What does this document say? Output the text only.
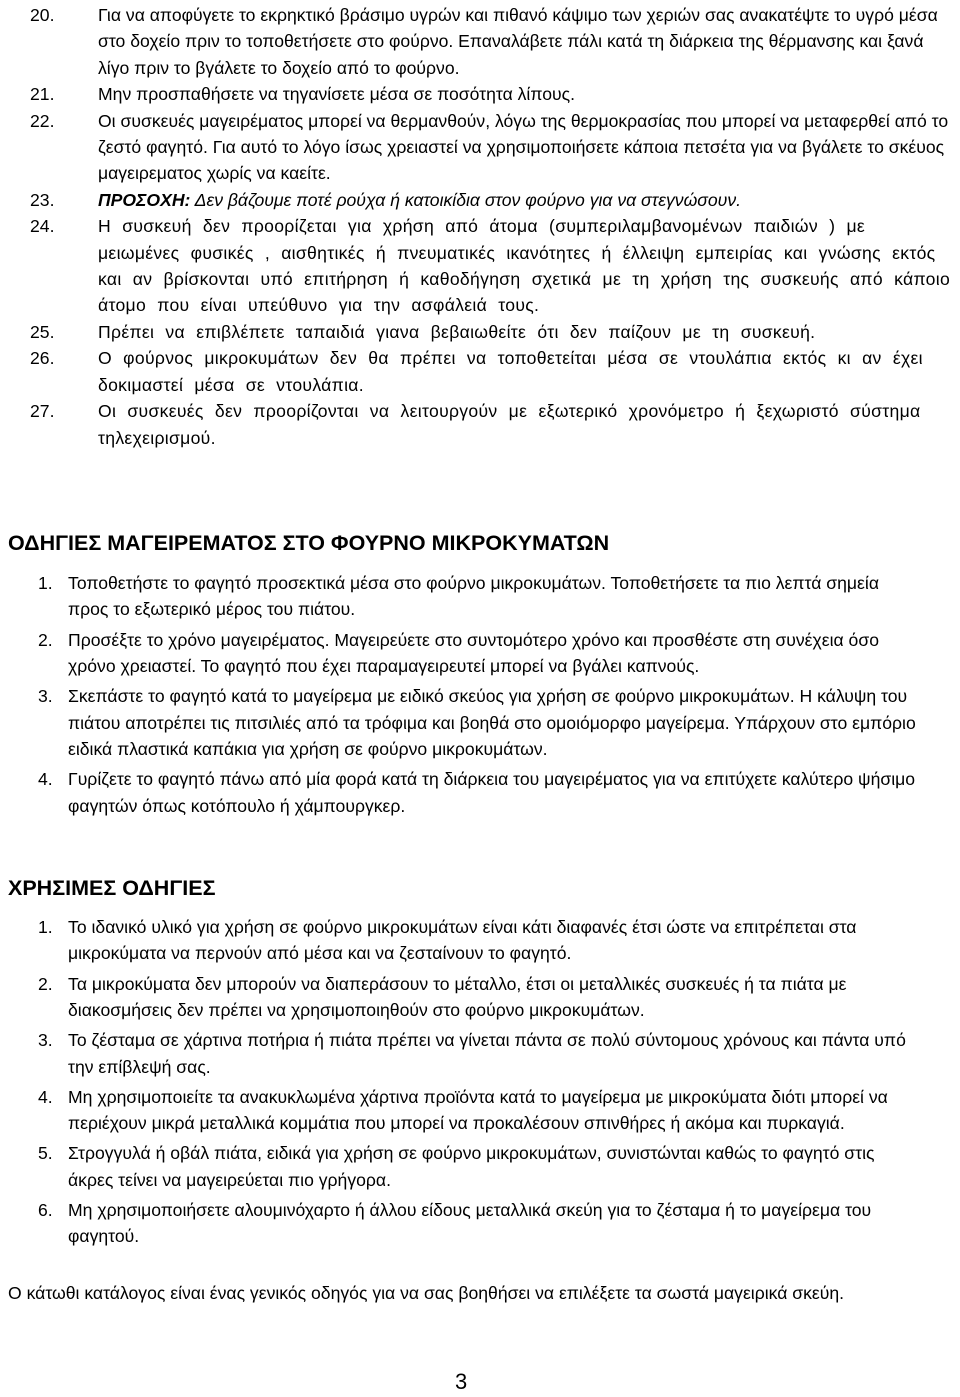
20.	Για να αποφύγετε το εκρηκτικό βράσιμο υγρών και πιθανό κάψιμο των χεριών σας ανακατέψτε το υγρό μέσα στο δοχείο πριν το τοποθετήσετε στο φούρνο. Επαναλάβετε πάλι κατά τη διάρκεια της θέρμανσης και ξανά λίγο πριν το βγάλετε το δοχείο από το φούρνο.
21.	Μην προσπαθήσετε να τηγανίσετε μέσα σε ποσότητα λίπους.
22.	Οι συσκευές μαγειρέματος μπορεί να θερμανθούν, λόγω της θερμοκρασίας που μπορεί να μεταφερθεί από το ζεστό φαγητό. Για αυτό το λόγο ίσως χρειαστεί να χρησιμοποιήσετε κάποια πετσέτα για να βγάλετε το σκέυος μαγειρεματος χωρίς να καείτε.
23.	ΠΡΟΣΟΧΗ: Δεν βάζουμε ποτέ ρούχα ή κατοικίδια στον φούρνο για να στεγνώσουν.
24.	Η συσκευή δεν προορίζεται για χρήση από άτομα (συμπεριλαμβανομένων παιδιών ) με μειωμένες φυσικές , αισθητικές ή πνευματικές ικανότητες ή έλλειψη εμπειρίας και γνώσης εκτός και αν βρίσκονται υπό επιτήρηση ή καθοδήγηση σχετικά με τη χρήση της συσκευής από κάποιο άτομο που είναι υπεύθυνο για την ασφάλειά τους.
25.	Πρέπει να επιβλέπετε ταπαιδιά γιανα βεβαιωθείτε ότι δεν παίζουν με τη συσκευή.
26.	Ο φούρνος μικροκυμάτων δεν θα πρέπει να τοποθετείται μέσα σε ντουλάπια εκτός κι αν έχει δοκιμαστεί μέσα σε ντουλάπια.
27.	Οι συσκευές δεν προορίζονται να λειτουργούν με εξωτερικό χρονόμετρο ή ξεχωριστό σύστημα τηλεχειρισμού.
ΟΔΗΓΙΕΣ ΜΑΓΕΙΡΕΜΑΤΟΣ ΣΤΟ ΦΟΥΡΝΟ ΜΙΚΡΟΚΥΜΑΤΩΝ
1. Τοποθετήστε το φαγητό προσεκτικά μέσα στο φούρνο μικροκυμάτων. Τοποθετήσετε τα πιο λεπτά σημεία προς το εξωτερικό μέρος του πιάτου.
2. Προσέξτε το χρόνο μαγειρέματος. Μαγειρεύετε στο συντομότερο χρόνο και προσθέστε στη συνέχεια όσο χρόνο χρειαστεί. Το φαγητό που έχει παραμαγειρευτεί μπορεί να βγάλει καπνούς.
3. Σκεπάστε το φαγητό κατά το μαγείρεμα με ειδικό σκεύος για χρήση σε φούρνο μικροκυμάτων. Η κάλυψη του πιάτου αποτρέπει τις πιτσιλιές από τα τρόφιμα και βοηθά στο ομοιόμορφο μαγείρεμα. Υπάρχουν στο εμπόριο ειδικά πλαστικά καπάκια για χρήση σε φούρνο μικροκυμάτων.
4. Γυρίζετε το φαγητό πάνω από μία φορά κατά τη διάρκεια του μαγειρέματος για να επιτύχετε καλύτερο ψήσιμο φαγητών όπως κοτόπουλο ή χάμπουργκερ.
ΧΡΗΣΙΜΕΣ ΟΔΗΓΙΕΣ
1. Το ιδανικό υλικό για χρήση σε φούρνο μικροκυμάτων είναι κάτι διαφανές έτσι ώστε να επιτρέπεται στα μικροκύματα να περνούν από μέσα και να ζεσταίνουν το φαγητό.
2. Τα μικροκύματα δεν μπορούν να διαπεράσουν το μέταλλο, έτσι οι μεταλλικές συσκευές ή τα πιάτα με διακοσμήσεις δεν πρέπει να χρησιμοποιηθούν στο φούρνο μικροκυμάτων.
3. Το ζέσταμα σε χάρτινα ποτήρια ή πιάτα πρέπει να γίνεται πάντα σε πολύ σύντομους χρόνους και πάντα υπό την επίβλεψή σας.
4. Μη χρησιμοποιείτε τα ανακυκλωμένα χάρτινα προϊόντα κατά το μαγείρεμα με μικροκύματα διότι μπορεί να περιέχουν μικρά μεταλλικά κομμάτια που μπορεί να προκαλέσουν σπινθήρες ή ακόμα και πυρκαγιά.
5. Στρογγυλά ή οβάλ πιάτα, ειδικά για χρήση σε φούρνο μικροκυμάτων, συνιστώνται καθώς το φαγητό στις άκρες τείνει να μαγειρεύεται πιο γρήγορα.
6. Μη χρησιμοποιήσετε αλουμινόχαρτο ή άλλου είδους μεταλλικά σκεύη για το ζέσταμα ή το μαγείρεμα του φαγητού.
Ο κάτωθι κατάλογος είναι ένας γενικός οδηγός για να σας βοηθήσει να επιλέξετε τα σωστά μαγειρικά σκεύη.
3
